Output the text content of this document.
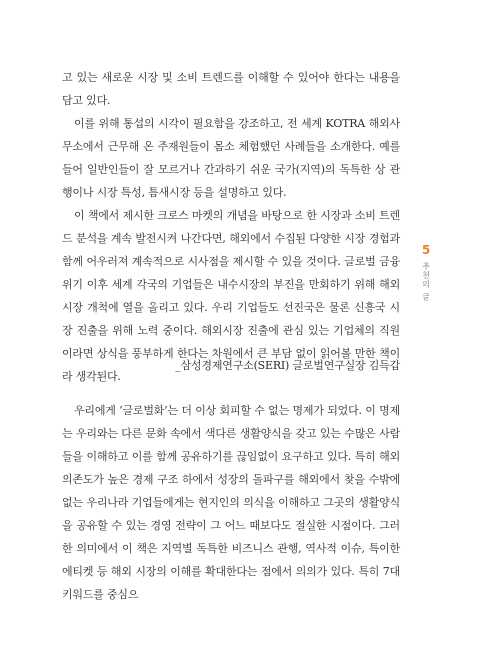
고 있는 새로운 시장 및 소비 트렌드를 이해할 수 있어야 한다는 내용을 담고 있다.

이를 위해 통섭의 시각이 필요함을 강조하고, 전 세계 KOTRA 해외사무소에서 근무해 온 주재원들이 몸소 체험했던 사례들을 소개한다. 예를 들어 일반인들이 잘 모르거나 간과하기 쉬운 국가(지역)의 독특한 상 관행이나 시장 특성, 틈새시장 등을 설명하고 있다.

이 책에서 제시한 크로스 마켓의 개념을 바탕으로 한 시장과 소비 트렌드 분석을 계속 발전시켜 나간다면, 해외에서 수집된 다양한 시장 경험과 함께 어우러져 계속적으로 시사점을 제시할 수 있을 것이다. 글로벌 금융위기 이후 세계 각국의 기업들은 내수시장의 부진을 만회하기 위해 해외시장 개척에 열을 올리고 있다. 우리 기업들도 선진국은 물론 신흥국 시장 진출을 위해 노력 중이다. 해외시장 진출에 관심 있는 기업체의 직원이라면 상식을 풍부하게 한다는 차원에서 큰 부담 없이 읽어볼 만한 책이라 생각된다.

_삼성경제연구소(SERI) 글로벌연구실장 김득갑

우리에게 ‘글로벌화’는 더 이상 회피할 수 없는 명제가 되었다. 이 명제는 우리와는 다른 문화 속에서 색다른 생활양식을 갖고 있는 수많은 사람들을 이해하고 이를 함께 공유하기를 끊임없이 요구하고 있다. 특히 해외 의존도가 높은 경제 구조 하에서 성장의 돌파구를 해외에서 찾을 수밖에 없는 우리나라 기업들에게는 현지인의 의식을 이해하고 그곳의 생활양식을 공유할 수 있는 경영 전략이 그 어느 때보다도 절실한 시점이다. 그러한 의미에서 이 책은 지역별 독특한 비즈니스 관행, 역사적 이슈, 특이한 에티켓 등 해외 시장의 이해를 확대한다는 점에서 의의가 있다. 특히 7대 키워드를 중심으

5
추천의 글
